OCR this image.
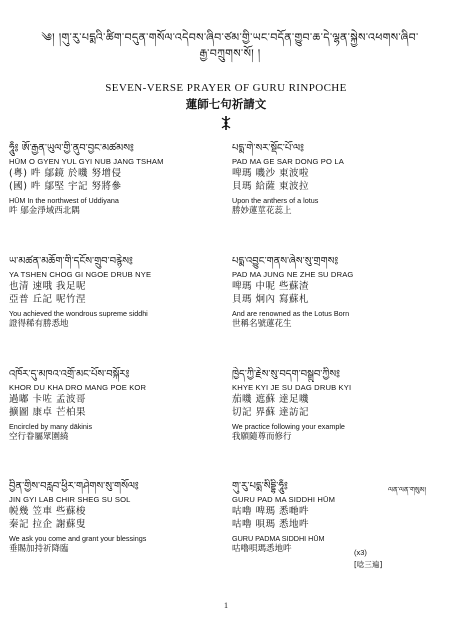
༄། །གུ་རུ་པདྨའི་ཚིག་བདུན་གསོལ་འདེབས་ཞིབ་ཙམ་གྱི་ཡང་བདོན་གྱུབ་ཆ་དེ་ལྷན་སྐྱེས་འཕགས་ཞིབ་རྒྱ་བཀྲུགས་སོ། །
SEVEN-VERSE PRAYER OF GURU RINPOCHE
蓮師七句祈請文
ཧཱུྃ༔ ཨོ་རྒྱན་ཡུལ་གྱི་ནུབ་བྱང་མཚམས༔
HŪM O GYEN YUL GYI NUB JANG TSHAM
(粵) 吽 鄔鏡 於嘰 努增侵
(國) 吽 鄔堅 宇記 努將參
HŪM In the northwest of Uddiyana
吽 鄔金淨域西北隅
པདྨ་གེ་སར་སྡོང་པོ་ལ༔
PAD MA GE SAR DONG PO LA
啤瑪 嘰沙 東波啦
貝瑪 給薩 東波拉
Upon the anthers of a lotus
勝妙蓮莖花蕊上
ཡ་མཚན་མཆོག་གི་དངོས་གྲུབ་བརྙེས༔
YA TSHEN CHOG GI NGOE DRUB NYE
也清 速哦 我足呢
亞普 丘記 呢竹涅
You achieved the wondrous supreme siddhi
證得稀有勝悉地
པདྨ་འབྱུང་གནས་ཞེས་སུ་གྲགས༔
PAD MA JUNG NE ZHE SU DRAG
啤瑪 中呢 些蘇渣
貝瑪 炯內 寫蘇札
And are renowned as the Lotus Born
世稱名號蓮花生
འཁོར་དུ་མཁའ་འགྲོ་མང་པོས་བསྐོར༔
KHOR DU KHA DRO MANG POE KOR
過嘟 卡咗 孟波哥
擴圖 康卓 芒柏果
Encircled by many dākinis
空行眷屬眾圍繞
ཁྱེད་ཀྱི་རྗེས་སུ་བདག་བསྒྲུབ་ཀྱིས༔
KHYE KYI JE SU DAG DRUB KYI
茄嘰 遮蘇 達足嘰
切記 界蘇 達訪記
We practice following your example
我願隨尊而修行
བྱིན་གྱིས་བརླབ་ཕྱིར་གཤེགས་སུ་གསོལ༔
JIN GYI LAB CHIR SHEG SU SOL
帨幾 笠車 些蘇梭
秦記 拉企 謝蘇叟
We ask you come and grant your blessings
垂賜加持祈降臨
གུ་རུ་པདྨ་སིདྡྷི་ཧཱུྃ༔
GURU PAD MA SIDDHI HŪM
咕嚕 啤瑪 悉哋吽
咕嚕 唄瑪 悉地吽
GURU PADMA SIDDHI HŪM
咕嚕唄瑪悉地吽
ལན་ལན་གསུམ།
(x3)
[唸三遍]
1
